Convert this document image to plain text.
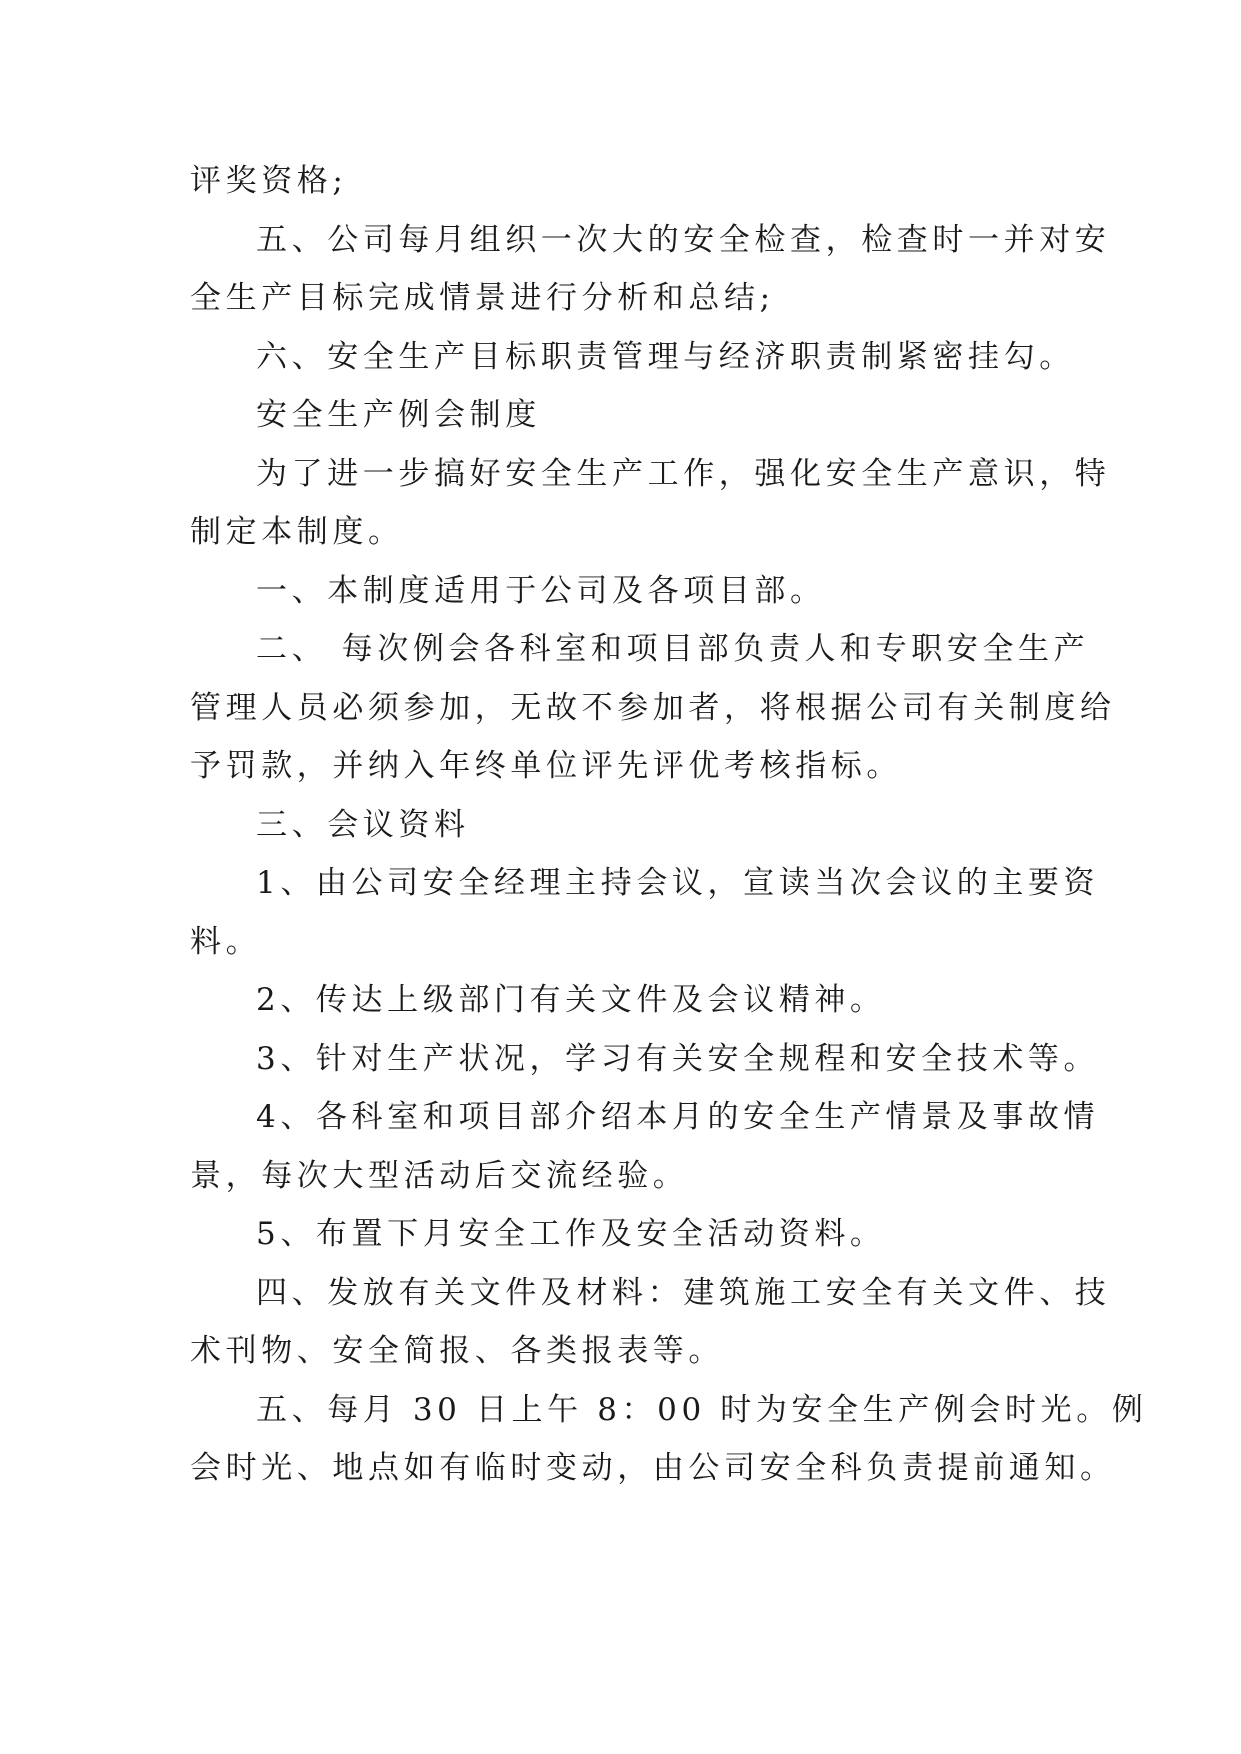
评奖资格;
五、公司每月组织一次大的安全检查，检查时一并对安
全生产目标完成情景进行分析和总结;
六、安全生产目标职责管理与经济职责制紧密挂勾。
安全生产例会制度
为了进一步搞好安全生产工作，强化安全生产意识，特
制定本制度。
一、本制度适用于公司及各项目部。
二、 每次例会各科室和项目部负责人和专职安全生产
管理人员必须参加，无故不参加者，将根据公司有关制度给
予罚款，并纳入年终单位评先评优考核指标。
三、会议资料
1、由公司安全经理主持会议，宣读当次会议的主要资
料。
2、传达上级部门有关文件及会议精神。
3、针对生产状况，学习有关安全规程和安全技术等。
4、各科室和项目部介绍本月的安全生产情景及事故情
景，每次大型活动后交流经验。
5、布置下月安全工作及安全活动资料。
四、发放有关文件及材料：建筑施工安全有关文件、技
术刊物、安全简报、各类报表等。
五、每月 30 日上午 8：00 时为安全生产例会时光。例
会时光、地点如有临时变动，由公司安全科负责提前通知。
